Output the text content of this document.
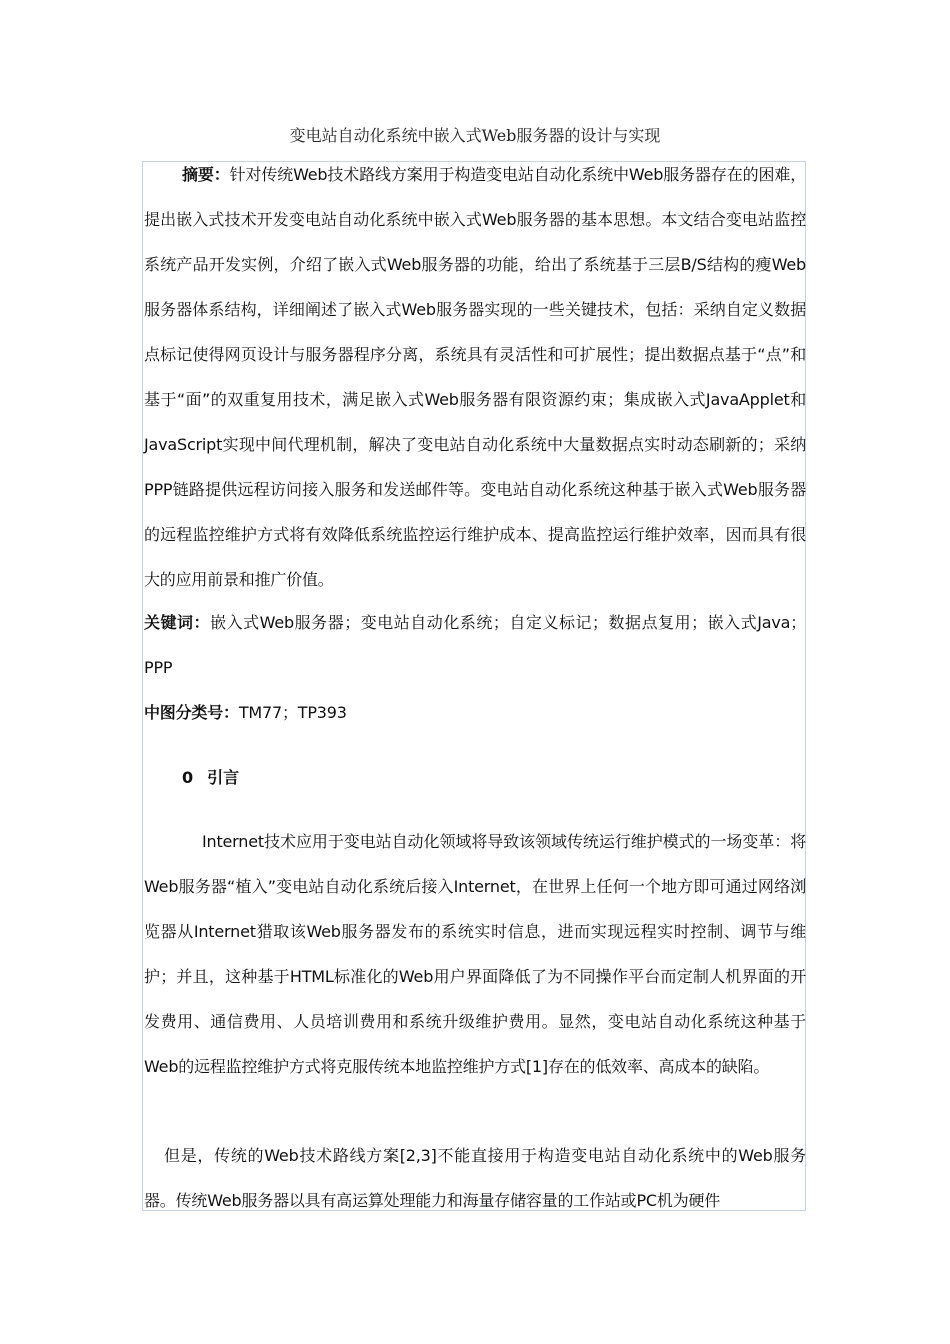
变电站自动化系统中嵌入式Web服务器的设计与实现
摘要：针对传统Web技术路线方案用于构造变电站自动化系统中Web服务器存在的困难，提出嵌入式技术开发变电站自动化系统中嵌入式Web服务器的基本思想。本文结合变电站监控系统产品开发实例，介绍了嵌入式Web服务器的功能，给出了系统基于三层B/S结构的瘦Web服务器体系结构，详细阐述了嵌入式Web服务器实现的一些关键技术，包括：采纳自定义数据点标记使得网页设计与服务器程序分离，系统具有灵活性和可扩展性；提出数据点基于“点”和基于“面”的双重复用技术，满足嵌入式Web服务器有限资源约束；集成嵌入式JavaApplet和JavaScript实现中间代理机制，解决了变电站自动化系统中大量数据点实时动态刷新的；采纳PPP链路提供远程访问接入服务和发送邮件等。变电站自动化系统这种基于嵌入式Web服务器的远程监控维护方式将有效降低系统监控运行维护成本、提高监控运行维护效率，因而具有很大的应用前景和推广价值。
关键词：嵌入式Web服务器；变电站自动化系统；自定义标记；数据点复用；嵌入式Java；PPP
中图分类号：TM77；TP393
0 引言
Internet技术应用于变电站自动化领域将导致该领域传统运行维护模式的一场变革：将Web服务器“植入”变电站自动化系统后接入Internet，在世界上任何一个地方即可通过网络浏览器从Internet猎取该Web服务器发布的系统实时信息，进而实现远程实时控制、调节与维护；并且，这种基于HTML标准化的Web用户界面降低了为不同操作平台而定制人机界面的开发费用、通信费用、人员培训费用和系统升级维护费用。显然，变电站自动化系统这种基于Web的远程监控维护方式将克服传统本地监控维护方式[1]存在的低效率、高成本的缺陷。
但是，传统的Web技术路线方案[2,3]不能直接用于构造变电站自动化系统中的Web服务器。传统Web服务器以具有高运算处理能力和海量存储容量的工作站或PC机为硬件
